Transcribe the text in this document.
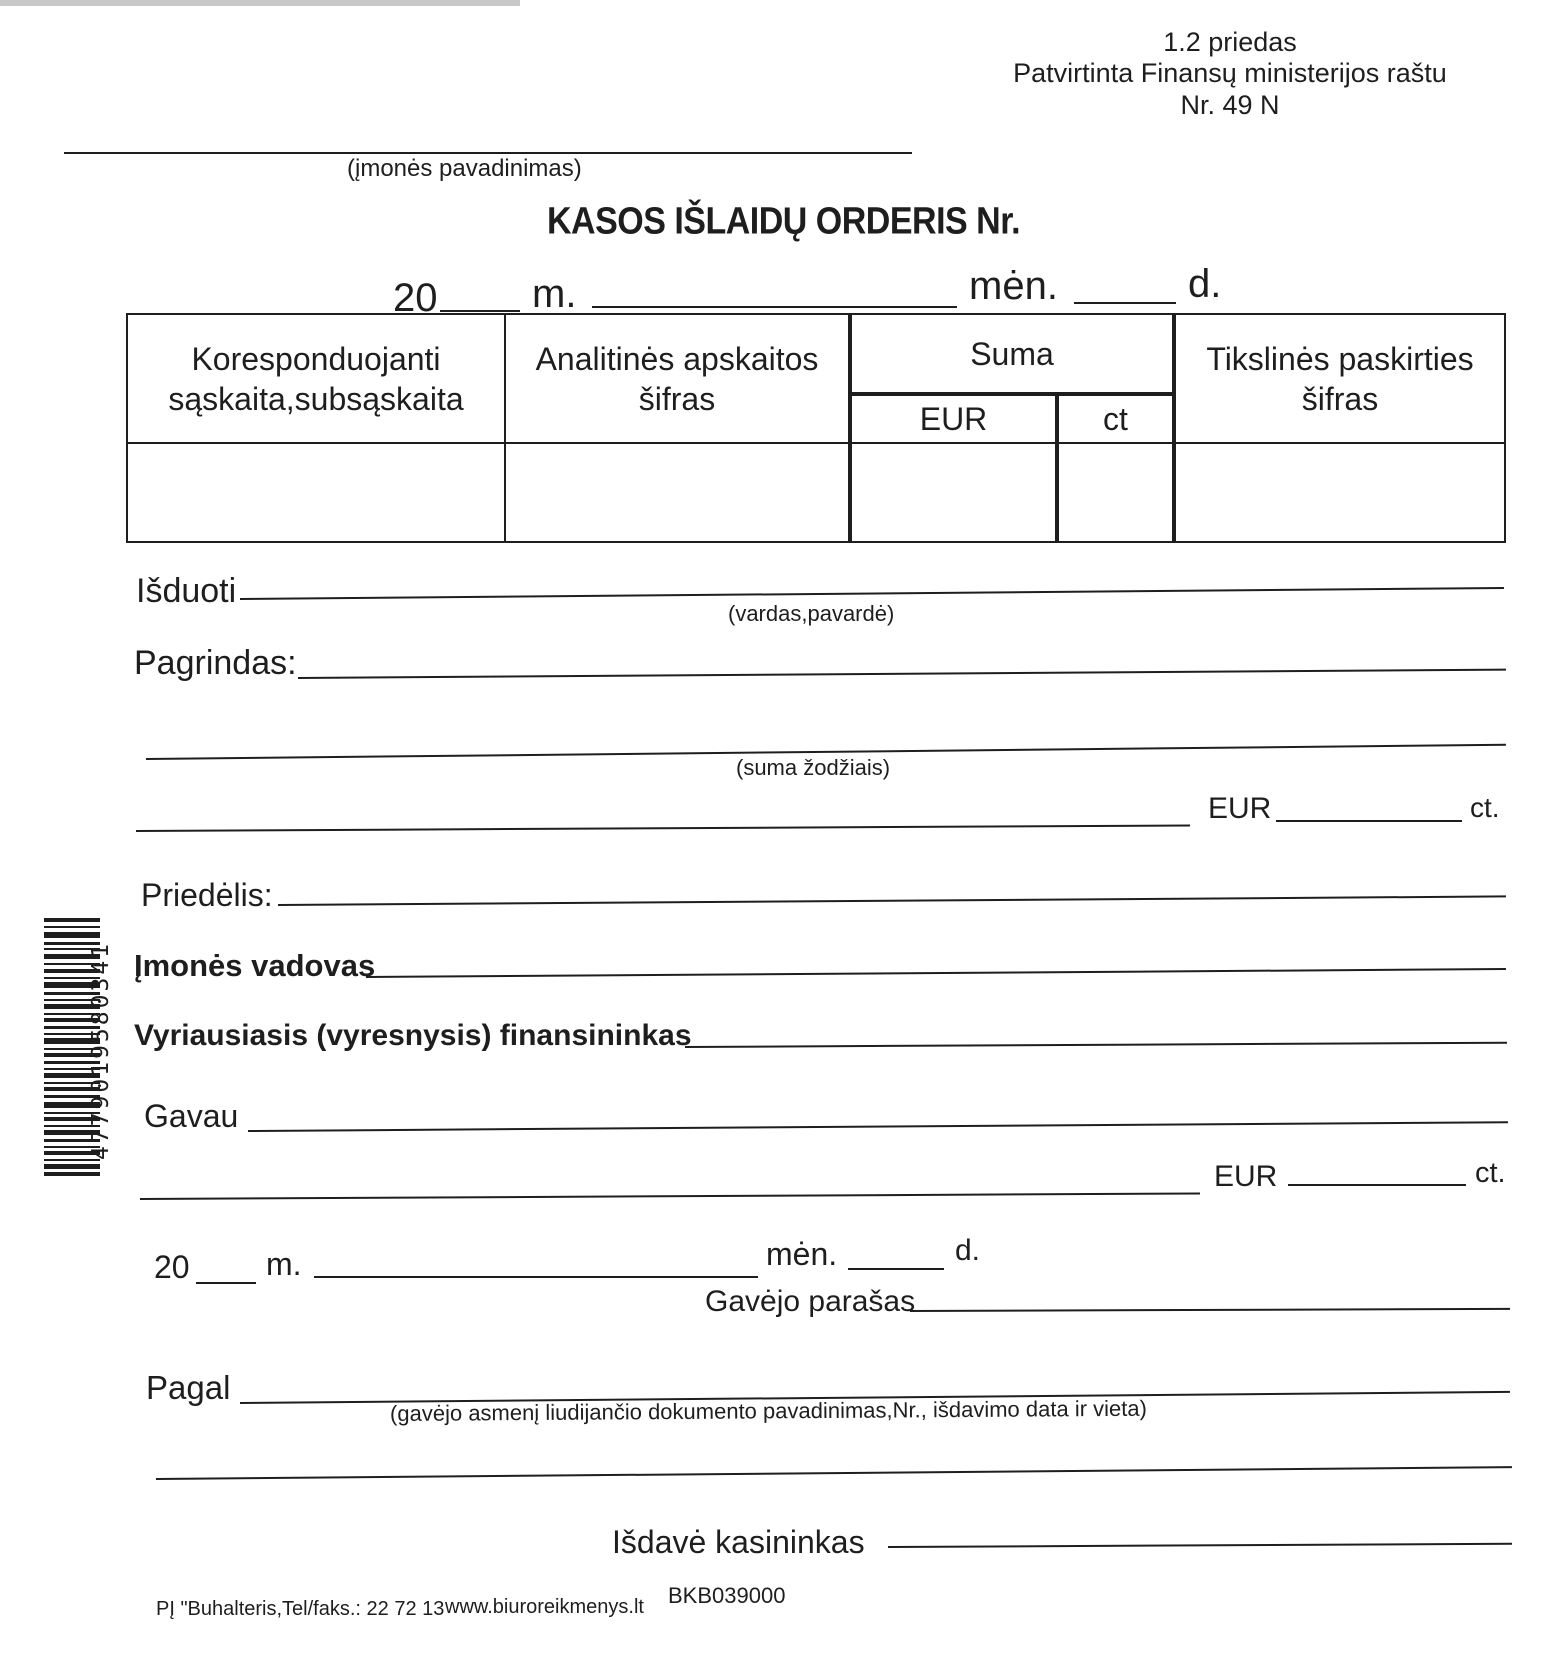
1.2 priedas
Patvirtinta Finansų ministerijos raštu
Nr. 49 N
(įmonės pavadinimas)
KASOS IŠLAIDŲ ORDERIS Nr.
20 m.	mėn.	d.
Koresponduojanti sąskaita,subsąskaita	Analitinės apskaitos šifras	Suma		Tikslinės paskirties šifras
		EUR	ct	

Išduoti
(vardas,pavardė)
Pagrindas:
(suma žodžiais)
EUR	ct.
Priedėlis:
Įmonės vadovas
Vyriausiasis (vyresnysis) finansininkas
Gavau
EUR	ct.
20 m.	mėn.	d.
Gavėjo parašas
Pagal
(gavėjo asmenį liudijančio dokumento pavadinimas,Nr., išdavimo data ir vieta)
Išdavė kasininkas
PĮ "Buhalteris,Tel/faks.: 22 72 13 www.biuroreikmenys.lt BKB039000
4779019580341
